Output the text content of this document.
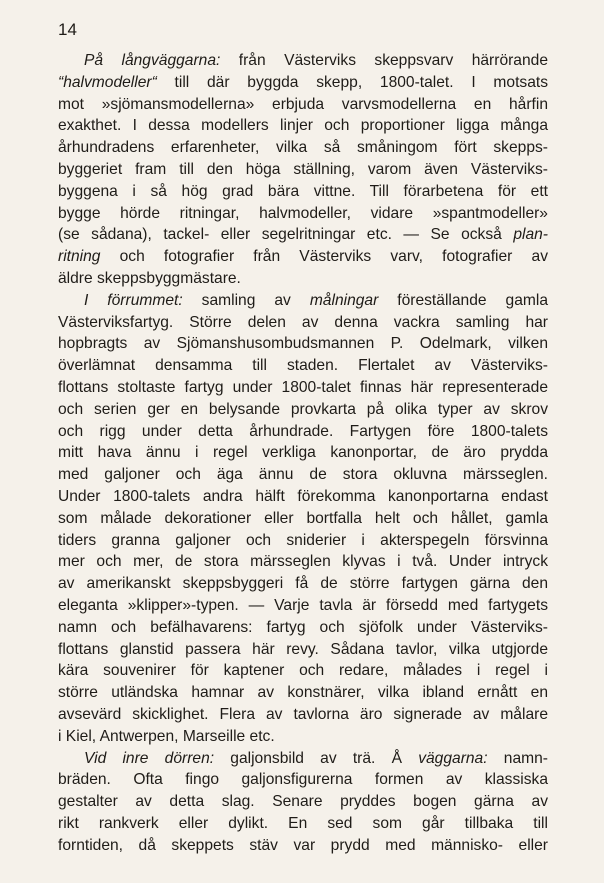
14
På långväggarna: från Västerviks skeppsvarv härrörande
“halvmodeller“ till där byggda skepp, 1800-talet. I motsats
mot »sjömansmodellerna» erbjuda varvsmodellerna en hårfin
exakthet. I dessa modellers linjer och proportioner ligga många
århundradens erfarenheter, vilka så småningom fört skepps-
byggeriet fram till den höga ställning, varom även Västerviks-
byggena i så hög grad bära vittne. Till förarbetena för ett
bygge hörde ritningar, halvmodeller, vidare »spantmodeller»
(se sådana), tackel- eller segelritningar etc. — Se också plan-
ritning och fotografier från Västerviks varv, fotografier av
äldre skeppsbyggmästare.
I förrummet: samling av målningar föreställande gamla
Västerviksfartyg. Större delen av denna vackra samling har
hopbragts av Sjömanshusombudsmannen P. Odelmark, vilken
överlämnat densamma till staden. Flertalet av Västerviks-
flottans stoltaste fartyg under 1800-talet finnas här representerade
och serien ger en belysande provkarta på olika typer av skrov
och rigg under detta århundrade. Fartygen före 1800-talets
mitt hava ännu i regel verkliga kanonportar, de äro prydda
med galjoner och äga ännu de stora okluvna märsseglen.
Under 1800-talets andra hälft förekomma kanonportarna endast
som målade dekorationer eller bortfalla helt och hållet, gamla
tiders granna galjoner och sniderier i akterspegeln försvinna
mer och mer, de stora märsseglen klyvas i två. Under intryck
av amerikanskt skeppsbyggeri få de större fartygen gärna den
eleganta »klipper»-typen. — Varje tavla är försedd med fartygets
namn och befälhavarens: fartyg och sjöfolk under Västerviks-
flottans glanstid passera här revy. Sådana tavlor, vilka utgjorde
kära souvenirer för kaptener och redare, målades i regel i
större utländska hamnar av konstnärer, vilka ibland ernått en
avsevärd skicklighet. Flera av tavlorna äro signerade av målare
i Kiel, Antwerpen, Marseille etc.
Vid inre dörren: galjonsbild av trä. Å väggarna: namn-
bräden. Ofta fingo galjonsfigurerna formen av klassiska
gestalter av detta slag. Senare pryddes bogen gärna av
rikt rankverk eller dylikt. En sed som går tillbaka till
forntiden, då skeppets stäv var prydd med människo- eller
